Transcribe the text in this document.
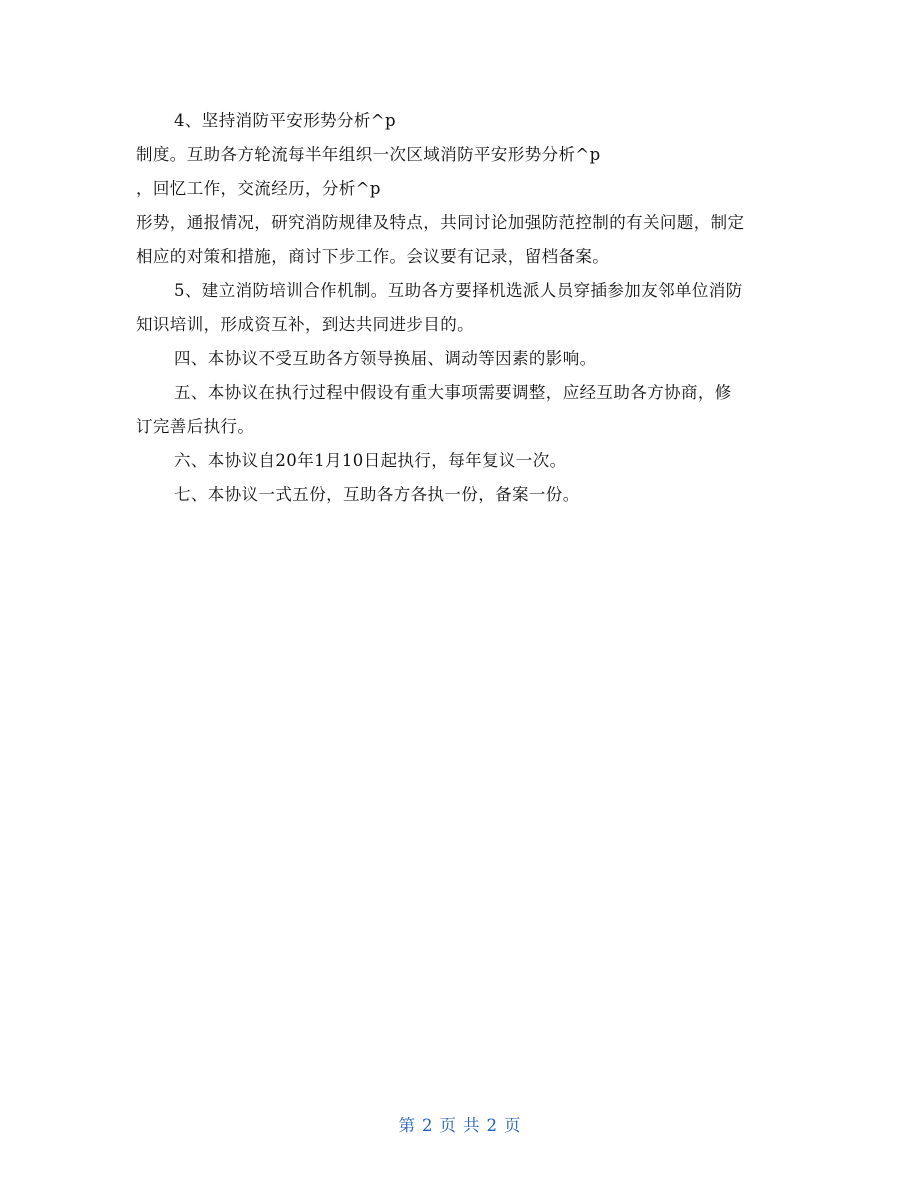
4、坚持消防平安形势分析^p
制度。互助各方轮流每半年组织一次区域消防平安形势分析^p
，回忆工作，交流经历，分析^p
形势，通报情况，研究消防规律及特点，共同讨论加强防范控制的有关问题，制定
相应的对策和措施，商讨下步工作。会议要有记录，留档备案。
5、建立消防培训合作机制。互助各方要择机选派人员穿插参加友邻单位消防
知识培训，形成资互补，到达共同进步目的。
四、本协议不受互助各方领导换届、调动等因素的影响。
五、本协议在执行过程中假设有重大事项需要调整，应经互助各方协商，修
订完善后执行。
六、本协议自20年1月10日起执行，每年复议一次。
七、本协议一式五份，互助各方各执一份，备案一份。
第 2 页 共 2 页
